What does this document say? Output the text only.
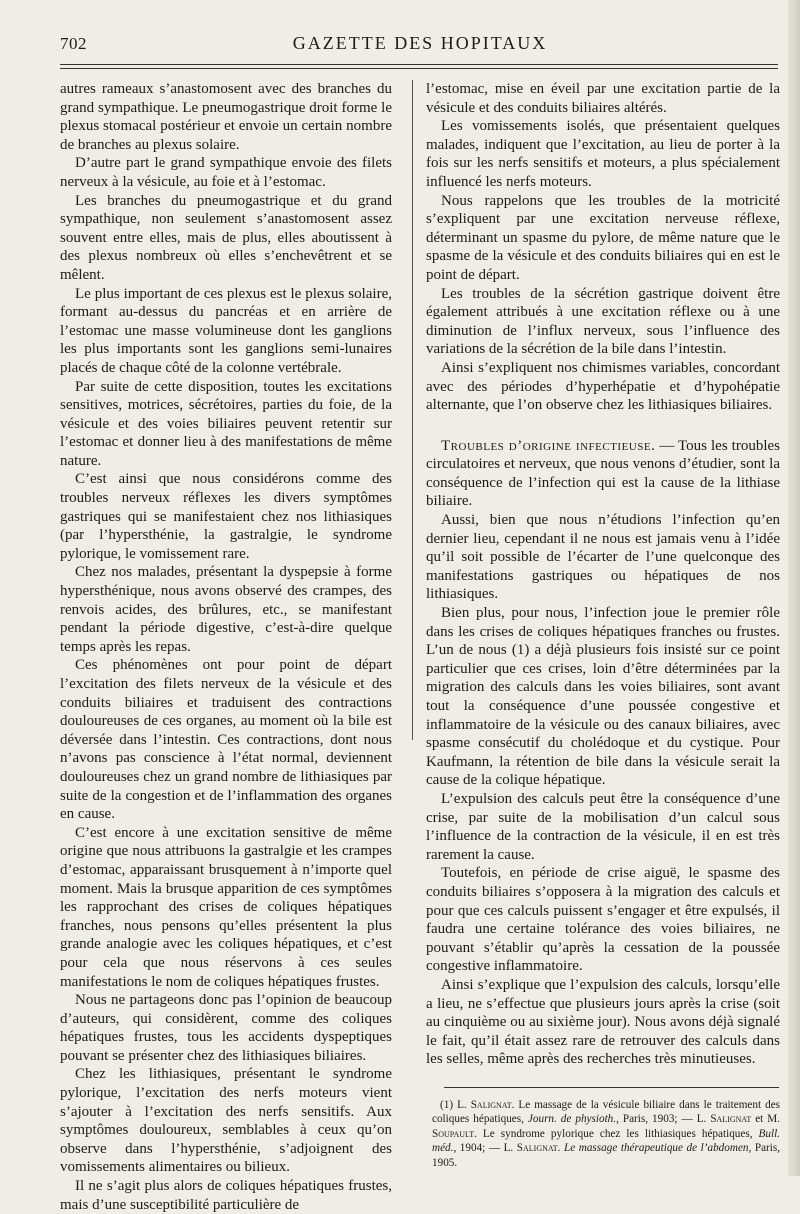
702	GAZETTE DES HOPITAUX

autres rameaux s’anastomosent avec des branches du grand sympathique. Le pneumogastrique droit forme le plexus stomacal postérieur et envoie un certain nombre de branches au plexus solaire.

D’autre part le grand sympathique envoie des filets nerveux à la vésicule, au foie et à l’estomac.

Les branches du pneumogastrique et du grand sympathique, non seulement s’anastomosent assez souvent entre elles, mais de plus, elles aboutissent à des plexus nombreux où elles s’enchevêtrent et se mêlent.

Le plus important de ces plexus est le plexus solaire, formant au-dessus du pancréas et en arrière de l’estomac une masse volumineuse dont les ganglions les plus importants sont les ganglions semi-lunaires placés de chaque côté de la colonne vertébrale.

Par suite de cette disposition, toutes les excitations sensitives, motrices, sécrétoires, parties du foie, de la vésicule et des voies biliaires peuvent retentir sur l’estomac et donner lieu à des manifestations de même nature.

C’est ainsi que nous considérons comme des troubles nerveux réflexes les divers symptômes gastriques qui se manifestaient chez nos lithiasiques (par l’hypersthénie, la gastralgie, le syndrome pylorique, le vomissement rare.

Chez nos malades, présentant la dyspepsie à forme hypersthénique, nous avons observé des crampes, des renvois acides, des brûlures, etc., se manifestant pendant la période digestive, c’est-à-dire quelque temps après les repas.

Ces phénomènes ont pour point de départ l’excitation des filets nerveux de la vésicule et des conduits biliaires et traduisent des contractions douloureuses de ces organes, au moment où la bile est déversée dans l’intestin. Ces contractions, dont nous n’avons pas conscience à l’état normal, deviennent douloureuses chez un grand nombre de lithiasiques par suite de la congestion et de l’inflammation des organes en cause.

C’est encore à une excitation sensitive de même origine que nous attribuons la gastralgie et les crampes d’estomac, apparaissant brusquement à n’importe quel moment. Mais la brusque apparition de ces symptômes les rapprochant des crises de coliques hépatiques franches, nous pensons qu’elles présentent la plus grande analogie avec les coliques hépatiques, et c’est pour cela que nous réservons à ces seules manifestations le nom de coliques hépatiques frustes.

Nous ne partageons donc pas l’opinion de beaucoup d’auteurs, qui considèrent, comme des coliques hépatiques frustes, tous les accidents dyspeptiques pouvant se présenter chez des lithiasiques biliaires.

Chez les lithiasiques, présentant le syndrome pylorique, l’excitation des nerfs moteurs vient s’ajouter à l’excitation des nerfs sensitifs. Aux symptômes douloureux, semblables à ceux qu’on observe dans l’hypersthénie, s’adjoignent des vomissements alimentaires ou bilieux.

Il ne s’agit plus alors de coliques hépatiques frustes, mais d’une susceptibilité particulière de

l’estomac, mise en éveil par une excitation partie de la vésicule et des conduits biliaires altérés.

Les vomissements isolés, que présentaient quelques malades, indiquent que l’excitation, au lieu de porter à la fois sur les nerfs sensitifs et moteurs, a plus spécialement influencé les nerfs moteurs.

Nous rappelons que les troubles de la motricité s’expliquent par une excitation nerveuse réflexe, déterminant un spasme du pylore, de même nature que le spasme de la vésicule et des conduits biliaires qui en est le point de départ.

Les troubles de la sécrétion gastrique doivent être également attribués à une excitation réflexe ou à une diminution de l’influx nerveux, sous l’influence des variations de la sécrétion de la bile dans l’intestin.

Ainsi s’expliquent nos chimismes variables, concordant avec des périodes d’hyperhépatie et d’hypohépatie alternante, que l’on observe chez les lithiasiques biliaires.

Troubles d’origine infectieuse. — Tous les troubles circulatoires et nerveux, que nous venons d’étudier, sont la conséquence de l’infection qui est la cause de la lithiase biliaire.

Aussi, bien que nous n’étudions l’infection qu’en dernier lieu, cependant il ne nous est jamais venu à l’idée qu’il soit possible de l’écarter de l’une quelconque des manifestations gastriques ou hépatiques de nos lithiasiques.

Bien plus, pour nous, l’infection joue le premier rôle dans les crises de coliques hépatiques franches ou frustes. L’un de nous (1) a déjà plusieurs fois insisté sur ce point particulier que ces crises, loin d’être déterminées par la migration des calculs dans les voies biliaires, sont avant tout la conséquence d’une poussée congestive et inflammatoire de la vésicule ou des canaux biliaires, avec spasme consécutif du cholédoque et du cystique. Pour Kaufmann, la rétention de bile dans la vésicule serait la cause de la colique hépatique.

L’expulsion des calculs peut être la conséquence d’une crise, par suite de la mobilisation d’un calcul sous l’influence de la contraction de la vésicule, il en est très rarement la cause.

Toutefois, en période de crise aiguë, le spasme des conduits biliaires s’opposera à la migration des calculs et pour que ces calculs puissent s’engager et être expulsés, il faudra une certaine tolérance des voies biliaires, ne pouvant s’établir qu’après la cessation de la poussée congestive inflammatoire.

Ainsi s’explique que l’expulsion des calculs, lorsqu’elle a lieu, ne s’effectue que plusieurs jours après la crise (soit au cinquième ou au sixième jour). Nous avons déjà signalé le fait, qu’il était assez rare de retrouver des calculs dans les selles, même après des recherches très minutieuses.

(1) L. Salignat. Le massage de la vésicule biliaire dans le traitement des coliques hépatiques, Journ. de physioth., Paris, 1903; — L. Salignat et M. Soupault. Le syndrome pylorique chez les lithiasiques hépatiques, Bull. méd., 1904; — L. Salignat. Le massage thérapeutique de l’abdomen, Paris, 1905.
